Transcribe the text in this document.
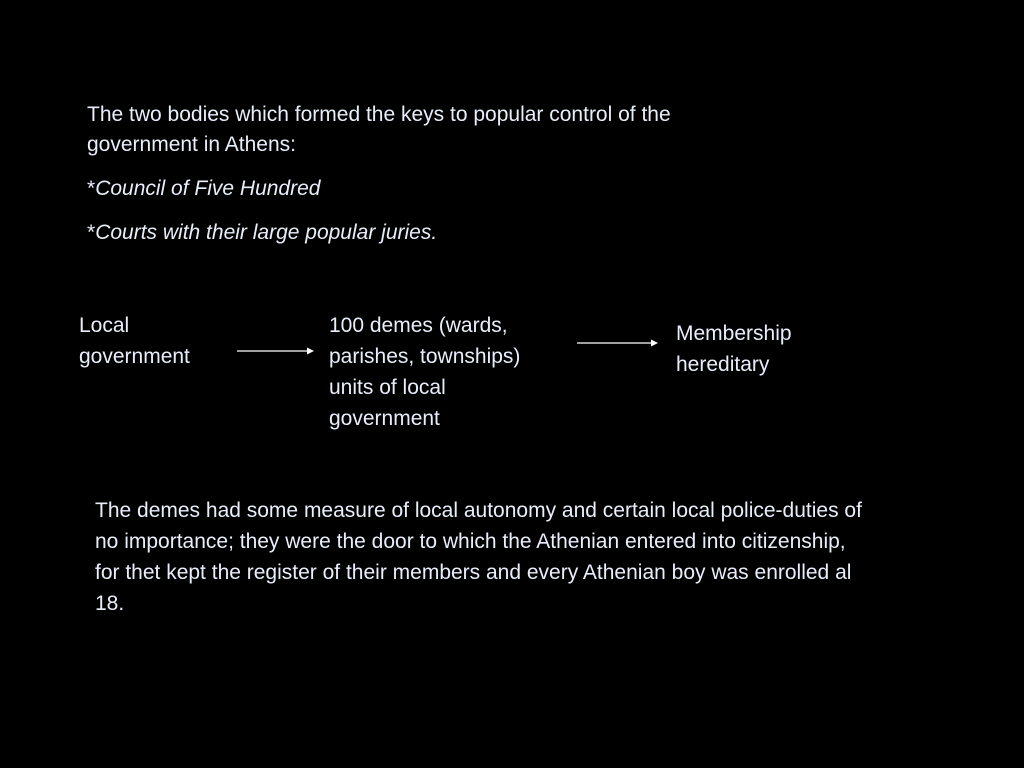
The two bodies which formed the keys to popular control of the government in Athens:

*Council of Five Hundred

*Courts with their large popular juries.

Local government
100 demes (wards, parishes, townships) units of local government
Membership hereditary

The demes had some measure of local autonomy and certain local police-duties of no importance; they were the door to which the Athenian entered into citizenship, for thet kept the register of their members and every Athenian boy was enrolled al 18.
